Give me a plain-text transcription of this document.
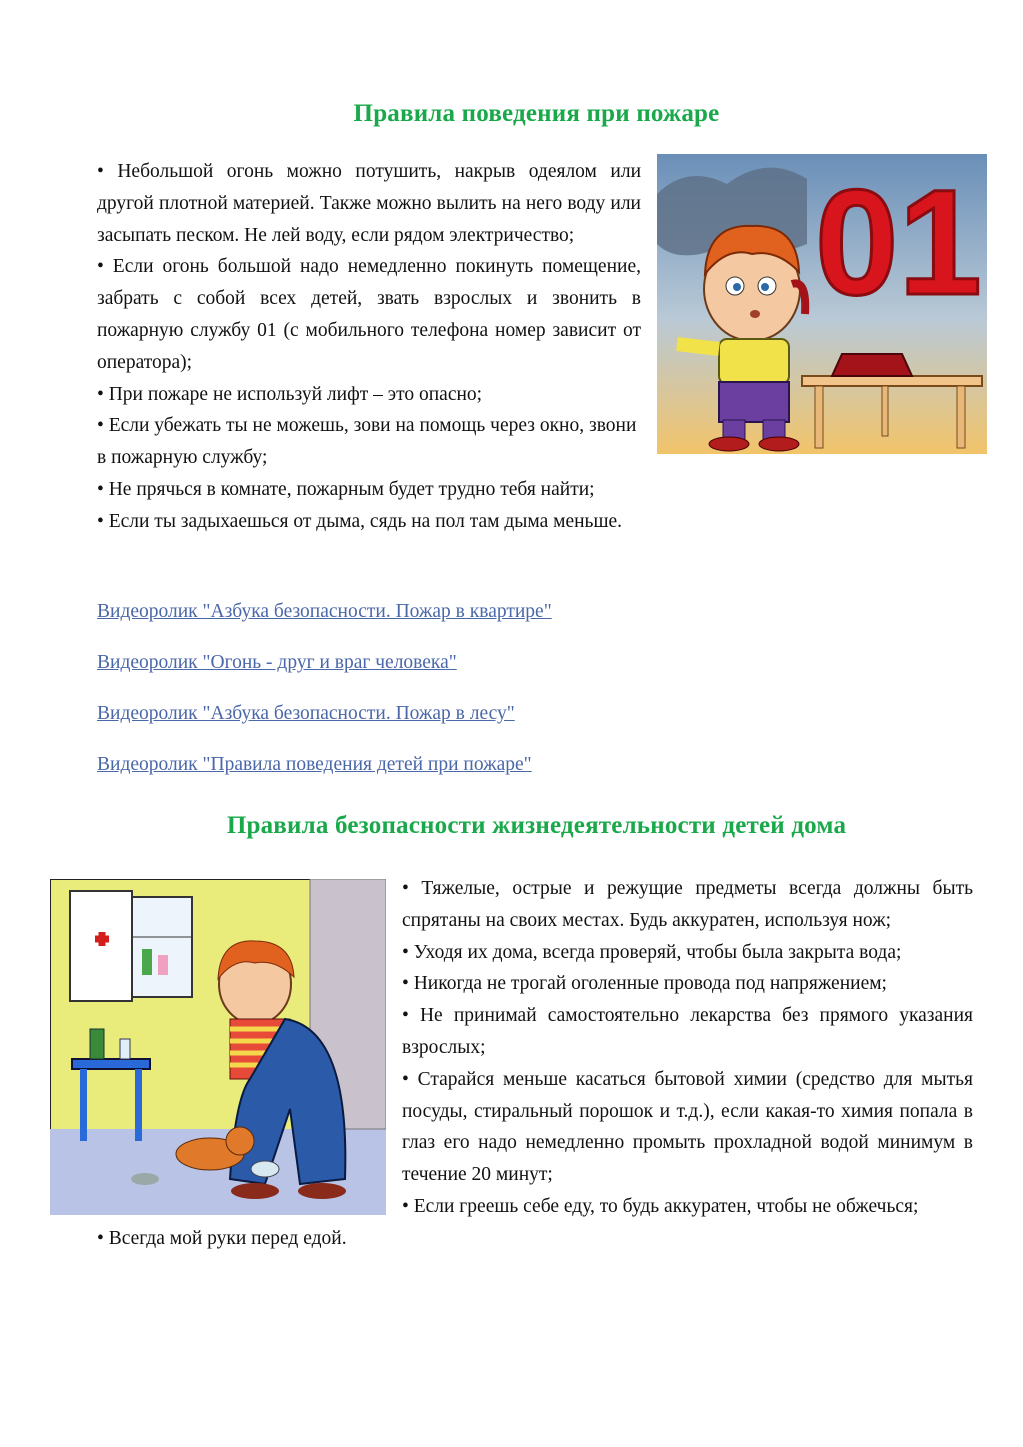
Правила поведения при пожаре
01

• Небольшой огонь можно потушить, накрыв одеялом или другой плотной материей. Также можно вылить на него воду или засыпать песком. Не лей воду, если рядом электричество;

• Если огонь большой надо немедленно покинуть помещение, забрать с собой всех детей, звать взрослых и звонить в пожарную службу 01 (с мобильного телефона номер зависит от оператора);

• При пожаре не используй лифт – это опасно;

• Если убежать ты не можешь, зови на помощь через окно, звони в пожарную службу;

• Не прячься в комнате, пожарным будет трудно тебя найти;

• Если ты задыхаешься от дыма, сядь на пол там дыма меньше.

Видеоролик "Азбука безопасности. Пожар в квартире"
Видеоролик "Огонь - друг и враг человека"
Видеоролик "Азбука безопасности. Пожар в лесу"
Видеоролик "Правила поведения детей при пожаре"
Правила безопасности жизнедеятельности детей дома

• Тяжелые, острые и режущие предметы всегда должны быть спрятаны на своих местах. Будь аккуратен, используя нож;

• Уходя их дома, всегда проверяй, чтобы была закрыта вода;

• Никогда не трогай оголенные провода под напряжением;

• Не принимай самостоятельно лекарства без прямого указания взрослых;

• Старайся меньше касаться бытовой химии (средство для мытья посуды, стиральный порошок и т.д.), если какая-то химия попала в глаз его надо немедленно промыть прохладной водой минимум в течение 20 минут;

• Если греешь себе еду, то будь аккуратен, чтобы не обжечься;

• Всегда мой руки перед едой.
